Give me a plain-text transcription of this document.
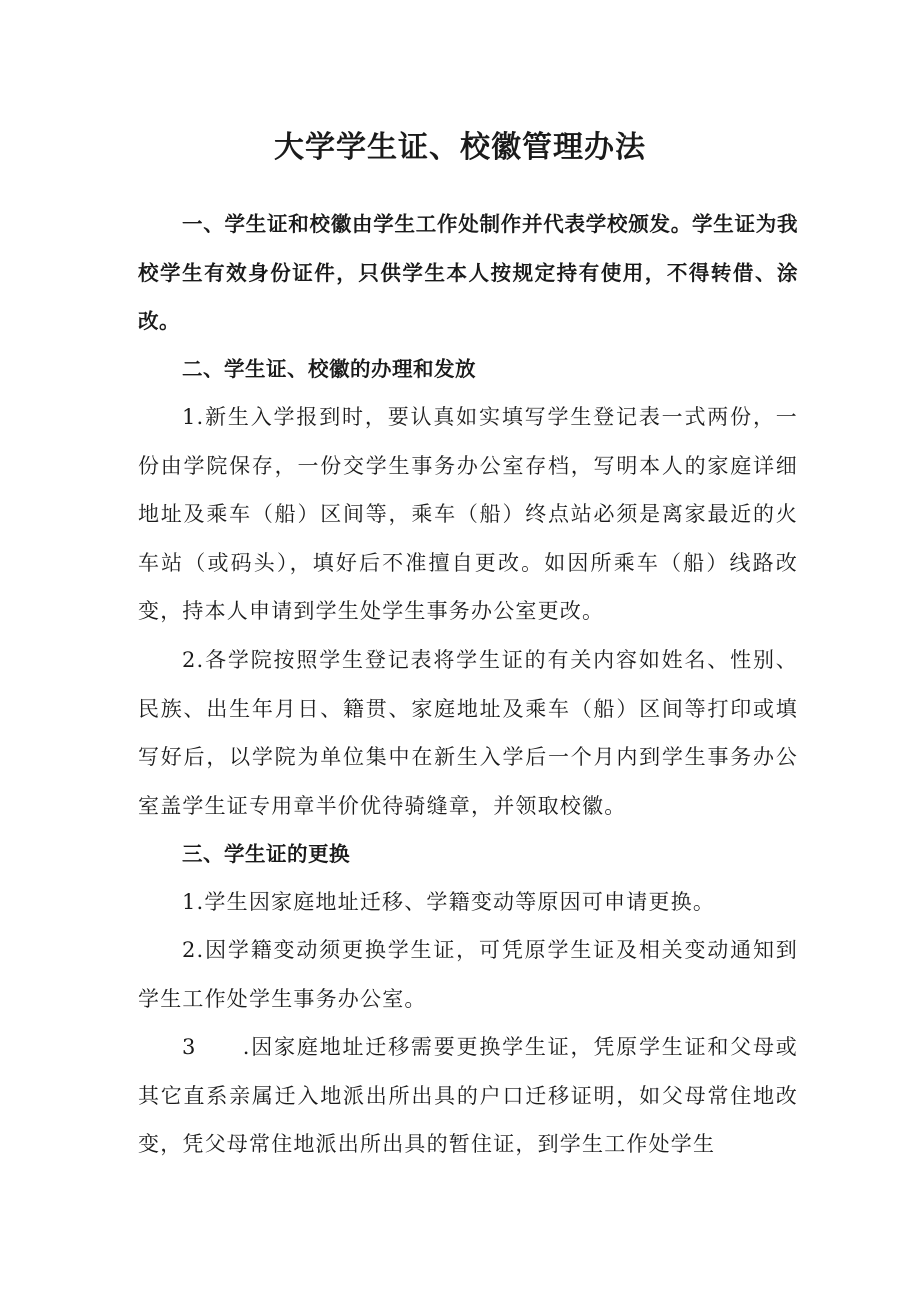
大学学生证、校徽管理办法

一、学生证和校徽由学生工作处制作并代表学校颁发。学生证为我校学生有效身份证件，只供学生本人按规定持有使用，不得转借、涂改。

二、学生证、校徽的办理和发放

1.新生入学报到时，要认真如实填写学生登记表一式两份，一份由学院保存，一份交学生事务办公室存档，写明本人的家庭详细地址及乘车（船）区间等，乘车（船）终点站必须是离家最近的火车站（或码头），填好后不准擅自更改。如因所乘车（船）线路改变，持本人申请到学生处学生事务办公室更改。

2.各学院按照学生登记表将学生证的有关内容如姓名、性别、民族、出生年月日、籍贯、家庭地址及乘车（船）区间等打印或填写好后，以学院为单位集中在新生入学后一个月内到学生事务办公室盖学生证专用章半价优待骑缝章，并领取校徽。

三、学生证的更换

1.学生因家庭地址迁移、学籍变动等原因可申请更换。

2.因学籍变动须更换学生证，可凭原学生证及相关变动通知到学生工作处学生事务办公室。

3　　.因家庭地址迁移需要更换学生证，凭原学生证和父母或其它直系亲属迁入地派出所出具的户口迁移证明，如父母常住地改变，凭父母常住地派出所出具的暂住证，到学生工作处学生
